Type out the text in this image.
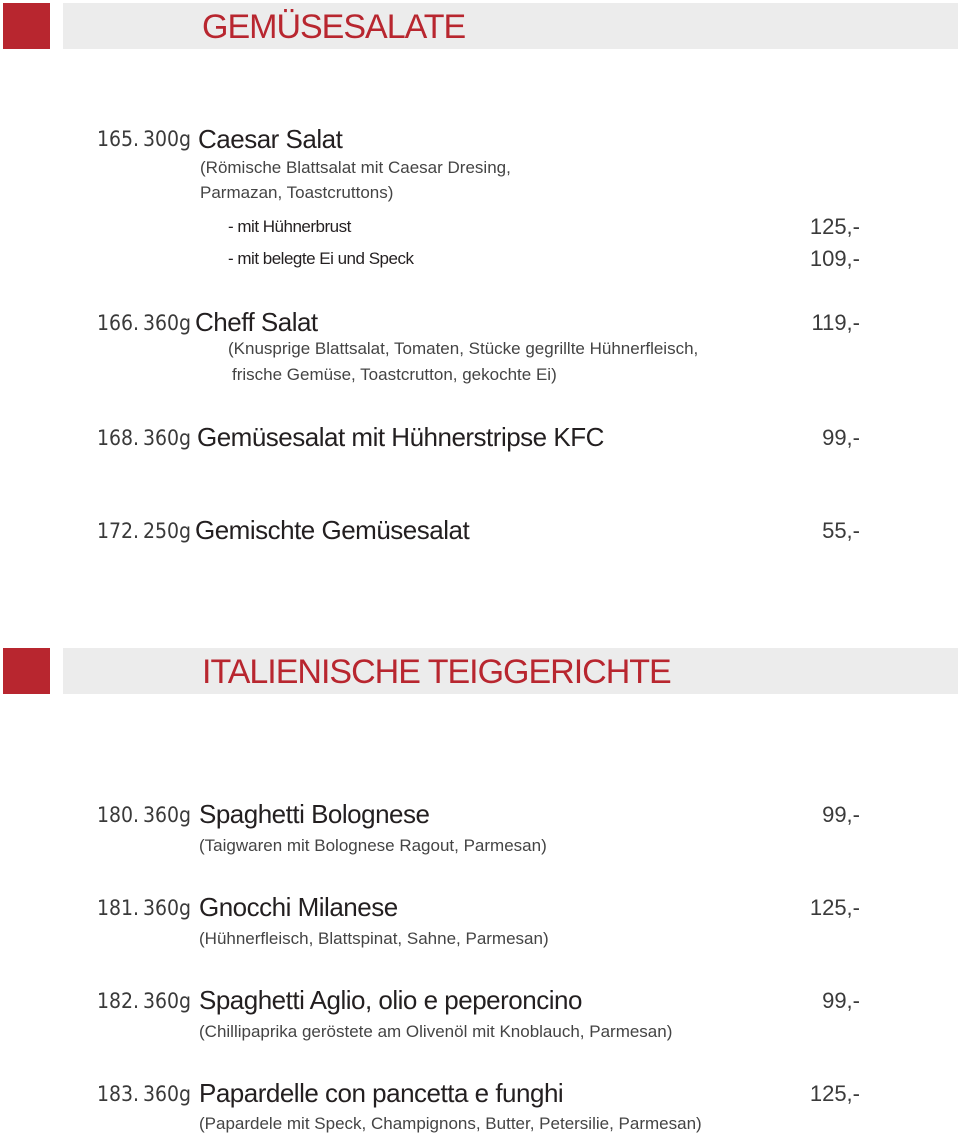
GEMÜSESALATE
165. 300g Caesar Salat
(Römische Blattsalat mit Caesar Dresing,
Parmazan, Toastcruttons)
- mit Hühnerbrust	125,-
- mit belegte Ei und Speck	109,-
166. 360g Cheff Salat	119,-
(Knusprige Blattsalat, Tomaten, Stücke gegrillte Hühnerfleisch,
frische Gemüse, Toastcrutton, gekochte Ei)
168. 360g Gemüsesalat mit Hühnerstripse KFC	99,-
172. 250g Gemischte Gemüsesalat	55,-
ITALIENISCHE TEIGGERICHTE
180. 360g Spaghetti Bolognese	99,-
(Taigwaren mit Bolognese Ragout, Parmesan)
181. 360g Gnocchi Milanese	125,-
(Hühnerfleisch, Blattspinat, Sahne, Parmesan)
182. 360g Spaghetti Aglio, olio e peperoncino	99,-
(Chillipaprika geröstete am Olivenöl mit Knoblauch, Parmesan)
183. 360g Papardelle con pancetta e funghi	125,-
(Papardele mit Speck, Champignons, Butter, Petersilie, Parmesan)
